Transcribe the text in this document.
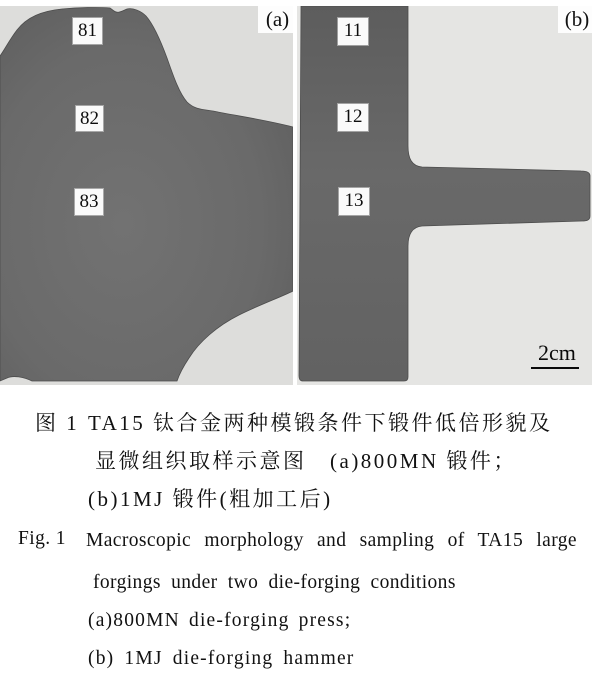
(a)
81
82
83
(b)
11
12
13
2cm
图 1 TA15 钛合金两种模锻条件下锻件低倍形貌及
显微组织取样示意图　(a)800MN 锻件；
(b)1MJ 锻件(粗加工后)
Fig. 1 Macroscopic morphology and sampling of TA15 large
forgings under two die-forging conditions
(a)800MN die-forging press;
(b) 1MJ die-forging hammer
